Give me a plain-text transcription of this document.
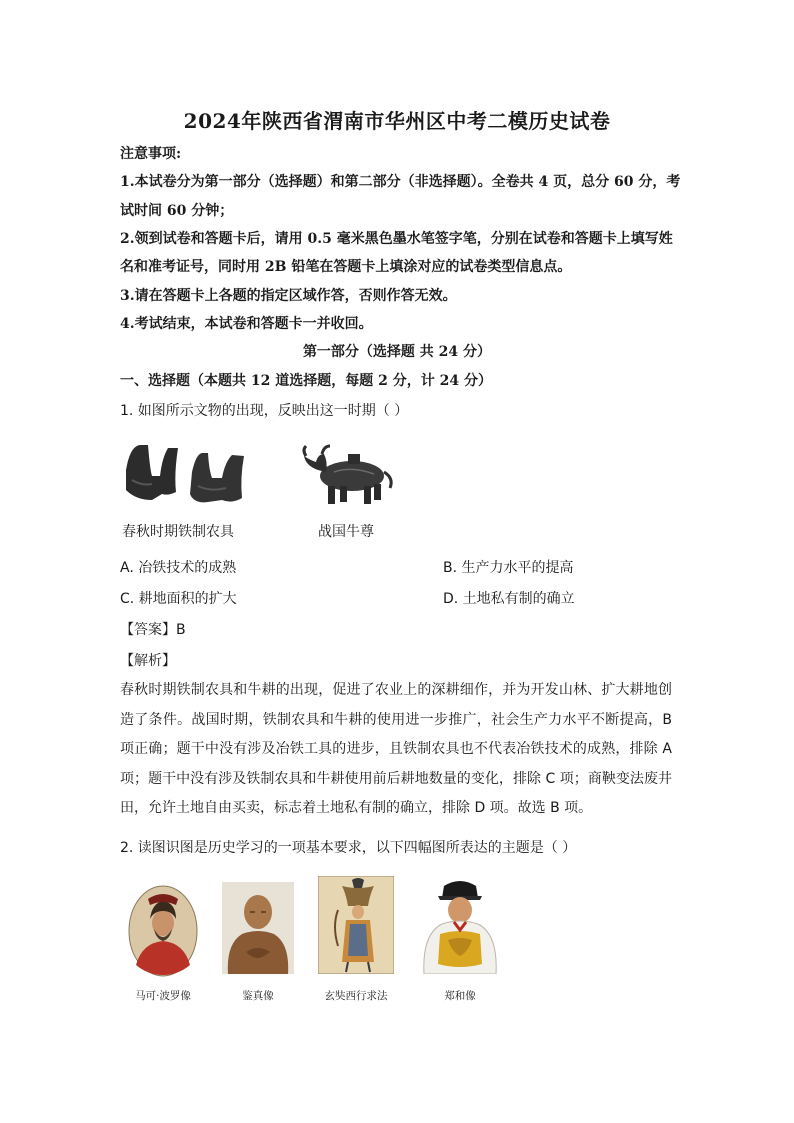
2024年陕西省渭南市华州区中考二模历史试卷
注意事项:
1.本试卷分为第一部分（选择题）和第二部分（非选择题）。全卷共 4 页，总分 60 分，考
试时间 60 分钟；
2.领到试卷和答题卡后，请用 0.5 毫米黑色墨水笔签字笔，分别在试卷和答题卡上填写姓
名和准考证号，同时用 2B 铅笔在答题卡上填涂对应的试卷类型信息点。
3.请在答题卡上各题的指定区域作答，否则作答无效。
4.考试结束，本试卷和答题卡一并收回。
第一部分（选择题 共 24 分）
一、选择题（本题共 12 道选择题，每题 2 分，计 24 分）
1. 如图所示文物的出现，反映出这一时期（ ）
春秋时期铁制农具	战国牛尊
A. 冶铁技术的成熟	B. 生产力水平的提高
C. 耕地面积的扩大	D. 土地私有制的确立
【答案】B
【解析】
春秋时期铁制农具和牛耕的出现，促进了农业上的深耕细作，并为开发山林、扩大耕地创造了条件。战国时期，铁制农具和牛耕的使用进一步推广，社会生产力水平不断提高，B 项正确；题干中没有涉及冶铁工具的进步，且铁制农具也不代表冶铁技术的成熟，排除 A 项；题干中没有涉及铁制农具和牛耕使用前后耕地数量的变化，排除 C 项；商鞅变法废井田，允许土地自由买卖，标志着土地私有制的确立，排除 D 项。故选 B 项。
2. 读图识图是历史学习的一项基本要求，以下四幅图所表达的主题是（ ）
马可·波罗像	鉴真像	玄奘西行求法	郑和像
